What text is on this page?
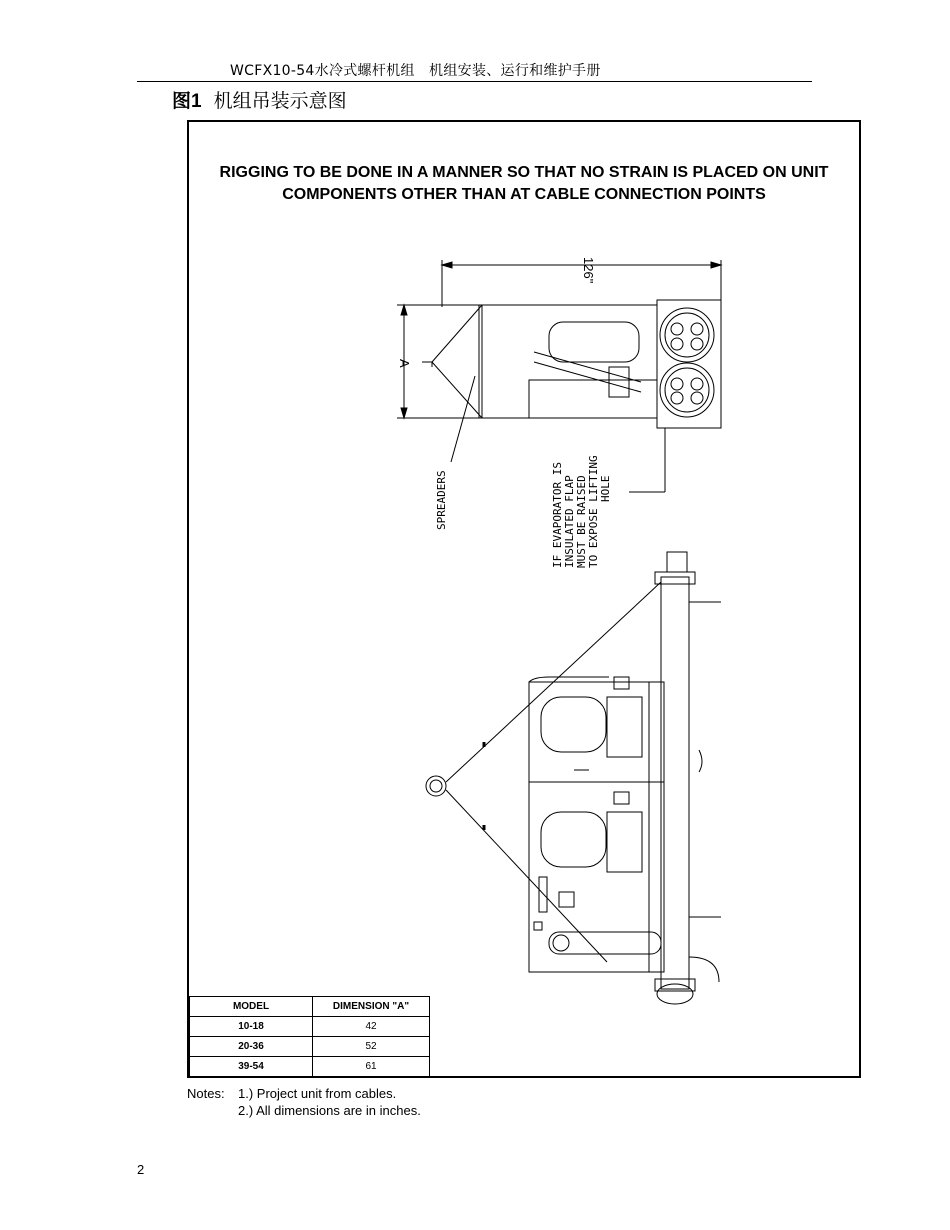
WCFX10-54水冷式螺杆机组　机组安装、运行和维护手册
图1 机组吊装示意图
RIGGING TO BE DONE IN A MANNER SO THAT NO STRAIN IS PLACED ON UNIT
COMPONENTS OTHER THAN AT CABLE CONNECTION POINTS
126"
A
SPREADERS	IF EVAPORATOR IS INSULATED FLAP MUST BE RAISED TO EXPOSE LIFTING HOLE
MODEL	DIMENSION "A"
10-18	42
20-36	52
39-54	61
Notes: 1.) Project unit from cables.
2.) All dimensions are in inches.
2
